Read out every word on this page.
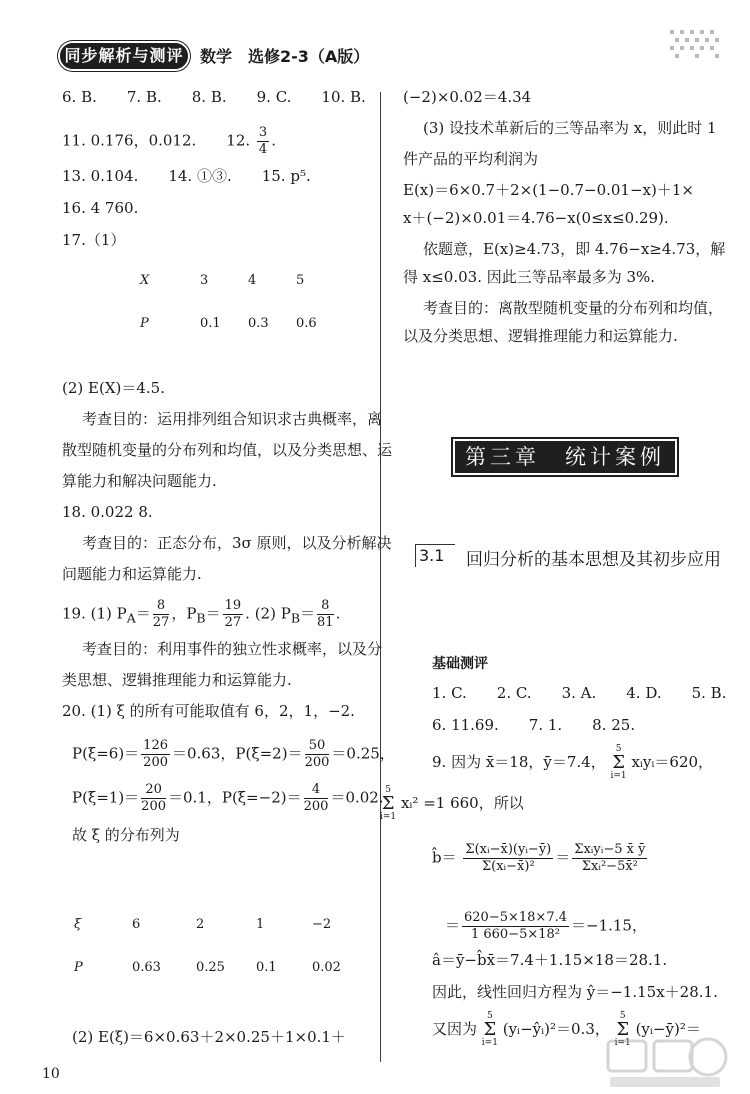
同步解析与测评 数学　选修2-3（A版）
6. B.　　7. B.　　8. B.　　9. C.　　10. B.
11. 0.176，0.012.　　12. $\frac{3}{4}$ .
13. 0.104.　　14. ①③.　　15. p⁵.
16. 4 760.
17.（1）
X	3	4	5
P	0.1	0.3	0.6
(2) E(X)＝4.5.
考查目的：运用排列组合知识求古典概率，离
散型随机变量的分布列和均值，以及分类思想、运
算能力和解决问题能力.
18. 0.022 8.
考查目的：正态分布，3σ 原则，以及分析解决
问题能力和运算能力.
19. (1) $P_A= \frac{8}{27}$ ，$P_B= \frac{19}{27}$ . (2) $P_B= \frac{8}{81}$ .
考查目的：利用事件的独立性求概率，以及分
类思想、逻辑推理能力和运算能力.
20. (1) ξ 的所有可能取值有 6，2，1，−2.
$P(\xi=6)= \frac{126}{200} =0.63$，$P(\xi=2)= \frac{50}{200} =0.25$，
$P(\xi=1)= \frac{20}{200} =0.1$，$P(\xi=-2)= \frac{4}{200} =0.02$.
故 ξ 的分布列为
ξ	6	2	1	−2
P	0.63	0.25	0.1	0.02
(2) E(ξ)＝6×0.63＋2×0.25＋1×0.1＋
10
(−2)×0.02＝4.34
(3) 设技术革新后的三等品率为 x，则此时 1
件产品的平均利润为
E(x)＝6×0.7＋2×(1−0.7−0.01−x)＋1×
x＋(−2)×0.01＝4.76−x(0≤x≤0.29).
依题意，E(x)≥4.73，即 4.76−x≥4.73，解
得 x≤0.03. 因此三等品率最多为 3%.
考查目的：离散型随机变量的分布列和均值，
以及分类思想、逻辑推理能力和运算能力.
第三章　统计案例
3.1	回归分析的基本思想及其初步应用
基础测评
1. C.　　2. C.　　3. A.　　4. D.　　5. B.
6. 11.69.　　7. 1.　　8. 25.
9. 因为 x̄＝18，ȳ＝7.4， 5
Σ
i=1 xᵢyᵢ＝620，
5
Σ
i=1 xᵢ² =1 660，所以
b̂＝ $\frac{\text{Σ(xᵢ−x̄)(yᵢ−ȳ)}}{\text{Σ(xᵢ−x̄)²}} = \frac{\text{Σxᵢyᵢ−5 x̄ ȳ}}{\text{Σxᵢ²−5x̄²}}$
＝ $\frac{620-5\times 18\times 7.4}{\text{1 660−5×18²}} =-1.15$，
â＝ȳ−b̂x̄＝7.4＋1.15×18＝28.1.
因此，线性回归方程为 ŷ＝−1.15x＋28.1.
又因为 5
Σ
i=1 (yᵢ−ŷᵢ)²＝0.3， 5
Σ
i=1 (yᵢ−ȳ)²＝
